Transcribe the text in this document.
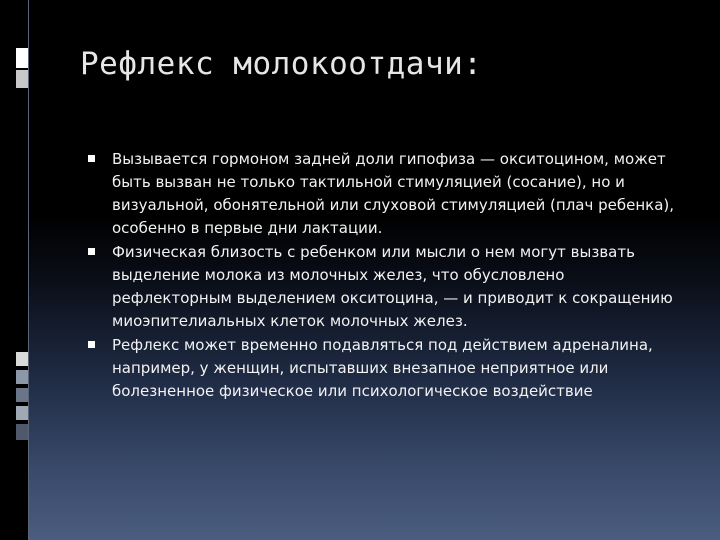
Рефлекс молокоотдачи:
Вызывается гормоном задней доли гипофиза — окситоцином, может быть вызван не только тактильной стимуляцией (сосание), но и визуальной, обонятельной или слуховой стимуляцией (плач ребенка), особенно в первые дни лактации.
Физическая близость с ребенком или мысли о нем могут вызвать выделение молока из молочных желез, что обусловлено рефлекторным выделением окситоцина, — и приводит к сокращению миоэпителиальных клеток молочных желез.
Рефлекс может временно подавляться под действием адреналина, например, у женщин, испытавших внезапное неприятное или болезненное физическое или психологическое воздействие
